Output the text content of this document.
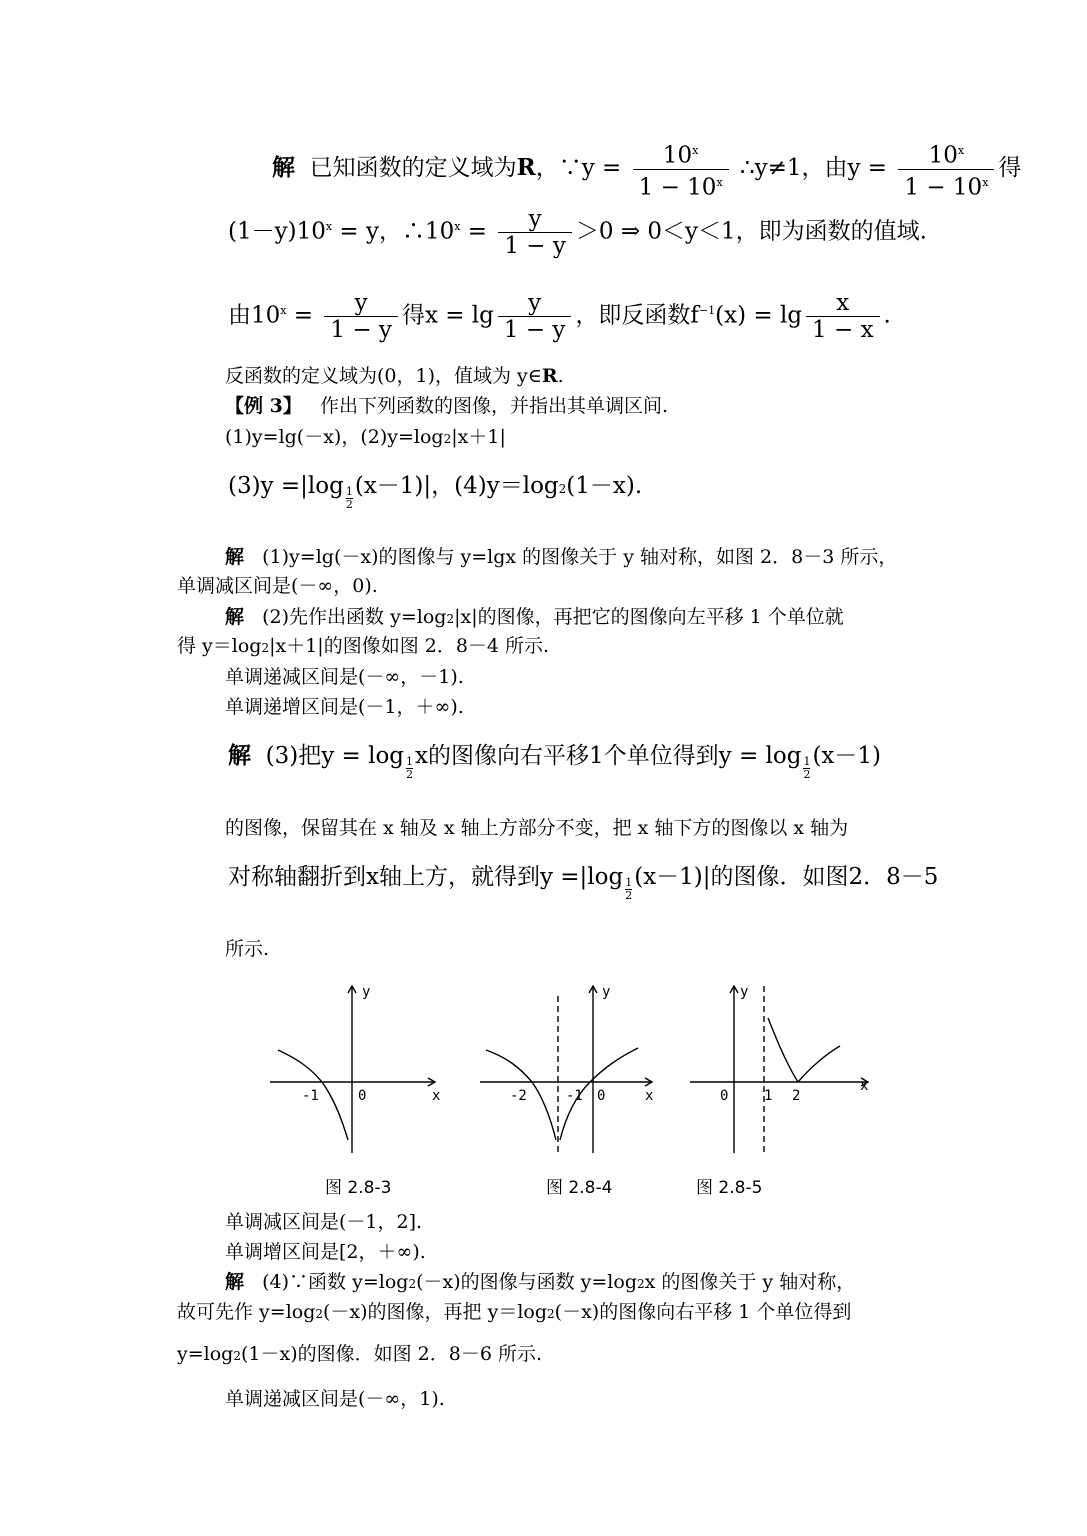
解 已知函数的定义域为R，∵y = $\frac{10^x}{1 - 10^x}$ ∴y≠1，由$y = \frac{10^x}{1 - 10^x}$ 得
$(1-y)10^x = y$，$\therefore 10^x = \frac{y}{1 - y} >0$ ⇒ 0＜y＜1，即为函数的值域.
由$10^x = \frac{y}{1 - y}$ 得$x = \lg \frac{y}{1 - y}$ ，即反函数$f^{-1}(x) = \lg \frac{x}{1 - x}$ .
反函数的定义域为(0，1)，值域为 y∈R.
【例 3】 作出下列函数的图像，并指出其单调区间.
(1)y=lg(－x)，(2)y=log2|x＋1|
$(3)y =|\log \frac{1}{2} (x-1)|$，(4)y＝log2(1－x).
解 (1)y=lg(－x)的图像与 y=lgx 的图像关于 y 轴对称，如图 2．8－3 所示，
单调减区间是(－∞，0).
解 (2)先作出函数 y=log2|x|的图像，再把它的图像向左平移 1 个单位就
得 y＝log2|x＋1|的图像如图 2．8－4 所示.
单调递减区间是(－∞，－1).
单调递增区间是(－1，＋∞).
解 (3)把$y = \log \frac{1}{2}$ x的图像向右平移1个单位得到$y = \log \frac{1}{2} (x-1)$
的图像，保留其在 x 轴及 x 轴上方部分不变，把 x 轴下方的图像以 x 轴为
对称轴翻折到x轴上方，就得到$y =|\log \frac{1}{2} (x-1)|$的图像．如图2．8－5
所示.
y
x
-1	0
图 2.8-3
y
x
-2	-1 0
图 2.8-4
y
x
0	1 2
图 2.8-5
单调减区间是(－1，2].
单调增区间是[2，＋∞).
解 (4)∵函数 y=log2(－x)的图像与函数 y=log2x 的图像关于 y 轴对称，
故可先作 y=log2(－x)的图像，再把 y＝log2(－x)的图像向右平移 1 个单位得到
y=log2(1－x)的图像．如图 2．8－6 所示.
单调递减区间是(－∞，1).
